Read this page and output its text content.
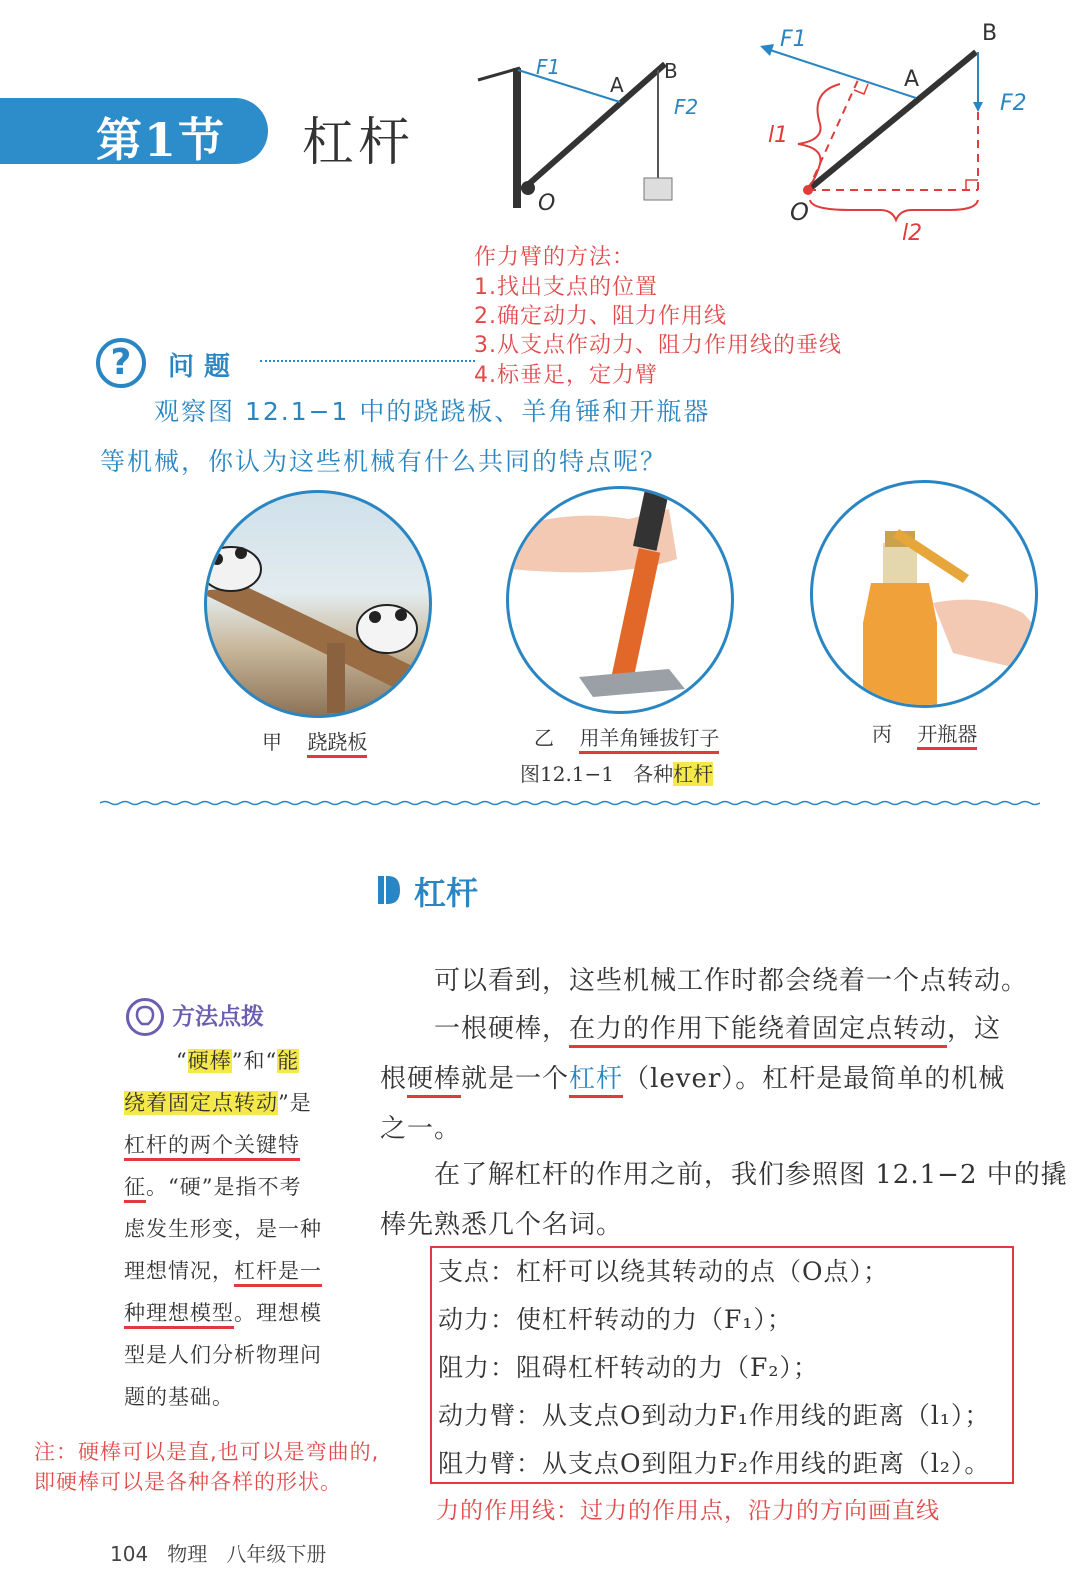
第1节 杠杆
F1
A
B
F2
O
F1
A
B
F2
O
l1
l2
作力臂的方法：
1.找出支点的位置
2.确定动力、阻力作用线
3.从支点作动力、阻力作用线的垂线
4.标垂足，定力臂
?	问题
观察图 12.1−1 中的跷跷板、羊角锤和开瓶器
等机械，你认为这些机械有什么共同的特点呢？
甲 跷跷板	乙 用羊角锤拔钉子	丙 开瓶器
图12.1−1 各种杠杆
杠杆
方法点拨
“硬棒”和“能
绕着固定点转动”是
杠杆的两个关键特
征。“硬”是指不考
虑发生形变，是一种
理想情况，杠杆是一
种理想模型。理想模
型是人们分析物理问
题的基础。
可以看到，这些机械工作时都会绕着一个点转动。
一根硬棒，在力的作用下能绕着固定点转动，这
根硬棒就是一个杠杆（lever）。杠杆是最简单的机械
之一。
在了解杠杆的作用之前，我们参照图 12.1−2 中的撬
棒先熟悉几个名词。
支点：杠杆可以绕其转动的点（O点）；
动力：使杠杆转动的力（F₁）；
阻力：阻碍杠杆转动的力（F₂）；
动力臂：从支点O到动力F₁作用线的距离（l₁）；
阻力臂：从支点O到阻力F₂作用线的距离（l₂）。
注：硬棒可以是直,也可以是弯曲的,
即硬棒可以是各种各样的形状。
力的作用线：过力的作用点，沿力的方向画直线
104 物理 八年级下册
